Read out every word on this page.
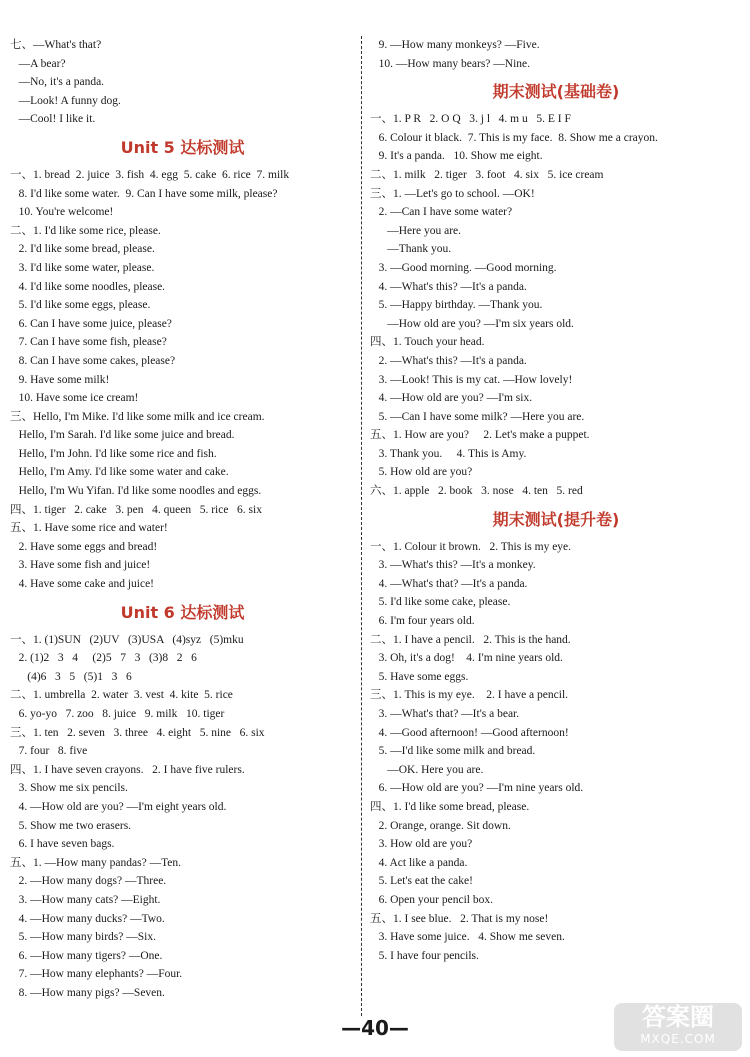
七、—What's that?
—A bear?
—No, it's a panda.
—Look! A funny dog.
—Cool! I like it.
Unit 5 达标测试
一、1. bread  2. juice  3. fish  4. egg  5. cake  6. rice  7. milk
8. I'd like some water.  9. Can I have some milk, please?
10. You're welcome!
二、1. I'd like some rice, please.
2. I'd like some bread, please.
3. I'd like some water, please.
4. I'd like some noodles, please.
5. I'd like some eggs, please.
6. Can I have some juice, please?
7. Can I have some fish, please?
8. Can I have some cakes, please?
9. Have some milk!
10. Have some ice cream!
三、Hello, I'm Mike. I'd like some milk and ice cream.
Hello, I'm Sarah. I'd like some juice and bread.
Hello, I'm John. I'd like some rice and fish.
Hello, I'm Amy. I'd like some water and cake.
Hello, I'm Wu Yifan. I'd like some noodles and eggs.
四、1. tiger   2. cake   3. pen   4. queen   5. rice   6. six
五、1. Have some rice and water!
2. Have some eggs and bread!
3. Have some fish and juice!
4. Have some cake and juice!
Unit 6 达标测试
一、1. (1)SUN   (2)UV   (3)USA   (4)syz   (5)mku
2. (1)2   3   4     (2)5   7   3   (3)8   2   6
(4)6   3   5   (5)1   3   6
二、1. umbrella  2. water  3. vest  4. kite  5. rice
6. yo-yo   7. zoo   8. juice   9. milk   10. tiger
三、1. ten   2. seven   3. three   4. eight   5. nine   6. six
7. four   8. five
四、1. I have seven crayons.   2. I have five rulers.
3. Show me six pencils.
4. —How old are you? —I'm eight years old.
5. Show me two erasers.
6. I have seven bags.
五、1. —How many pandas? —Ten.
2. —How many dogs? —Three.
3. —How many cats? —Eight.
4. —How many ducks? —Two.
5. —How many birds? —Six.
6. —How many tigers? —One.
7. —How many elephants? —Four.
8. —How many pigs? —Seven.
9. —How many monkeys? —Five.
10. —How many bears? —Nine.
期末测试(基础卷)
一、1. P R   2. O Q   3. j l   4. m u   5. E I F
6. Colour it black.  7. This is my face.  8. Show me a crayon.
9. It's a panda.   10. Show me eight.
二、1. milk   2. tiger   3. foot   4. six   5. ice cream
三、1. —Let's go to school. —OK!
2. —Can I have some water?
—Here you are.
—Thank you.
3. —Good morning. —Good morning.
4. —What's this? —It's a panda.
5. —Happy birthday. —Thank you.
—How old are you? —I'm six years old.
四、1. Touch your head.
2. —What's this? —It's a panda.
3. —Look! This is my cat. —How lovely!
4. —How old are you? —I'm six.
5. —Can I have some milk? —Here you are.
五、1. How are you?     2. Let's make a puppet.
3. Thank you.     4. This is Amy.
5. How old are you?
六、1. apple   2. book   3. nose   4. ten   5. red
期末测试(提升卷)
一、1. Colour it brown.   2. This is my eye.
3. —What's this? —It's a monkey.
4. —What's that? —It's a panda.
5. I'd like some cake, please.
6. I'm four years old.
二、1. I have a pencil.   2. This is the hand.
3. Oh, it's a dog!    4. I'm nine years old.
5. Have some eggs.
三、1. This is my eye.    2. I have a pencil.
3. —What's that? —It's a bear.
4. —Good afternoon! —Good afternoon!
5. —I'd like some milk and bread.
—OK. Here you are.
6. —How old are you? —I'm nine years old.
四、1. I'd like some bread, please.
2. Orange, orange. Sit down.
3. How old are you?
4. Act like a panda.
5. Let's eat the cake!
6. Open your pencil box.
五、1. I see blue.   2. That is my nose!
3. Have some juice.   4. Show me seven.
5. I have four pencils.
—40—	答案圈
MXQE.COM
